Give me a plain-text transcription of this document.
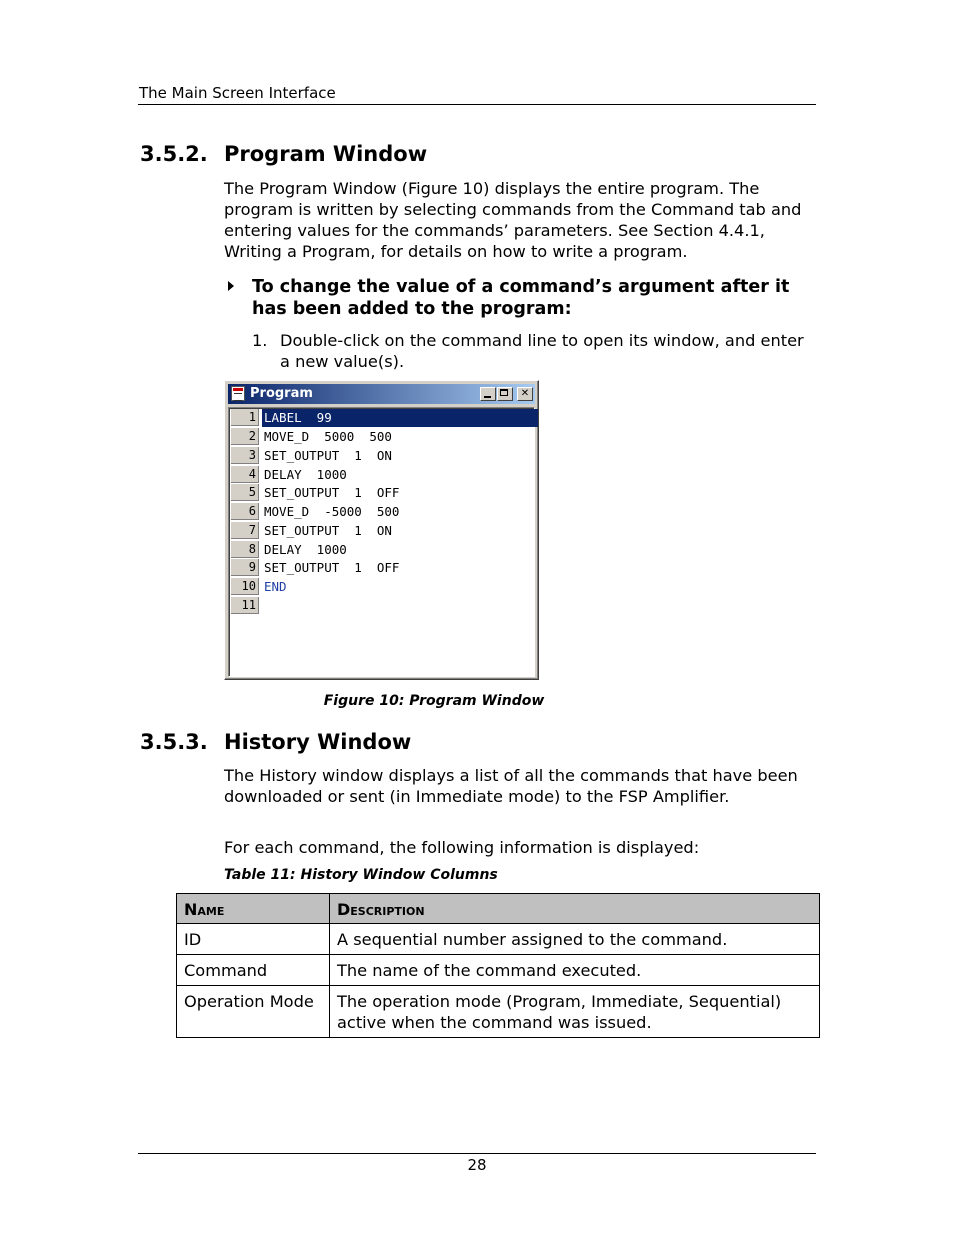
The Main Screen Interface
3.5.2. Program Window
The Program Window (Figure 10) displays the entire program. The program is written by selecting commands from the Command tab and entering values for the commands’ parameters. See Section 4.4.1, Writing a Program, for details on how to write a program.
To change the value of a command’s argument after it has been added to the program:
1. Double-click on the command line to open its window, and enter a new value(s).
Program
✕
1 LABEL  99
2 MOVE_D  5000  500
3 SET_OUTPUT  1  ON
4 DELAY  1000
5 SET_OUTPUT  1  OFF
6 MOVE_D  -5000  500
7 SET_OUTPUT  1  ON
8 DELAY  1000
9 SET_OUTPUT  1  OFF
10 END
11
Figure 10: Program Window
3.5.3. History Window
The History window displays a list of all the commands that have been downloaded or sent (in Immediate mode) to the FSP Amplifier.
For each command, the following information is displayed:
Table 11: History Window Columns
Name	Description
ID	A sequential number assigned to the command.
Command	The name of the command executed.
Operation Mode	The operation mode (Program, Immediate, Sequential) active when the command was issued.
28
